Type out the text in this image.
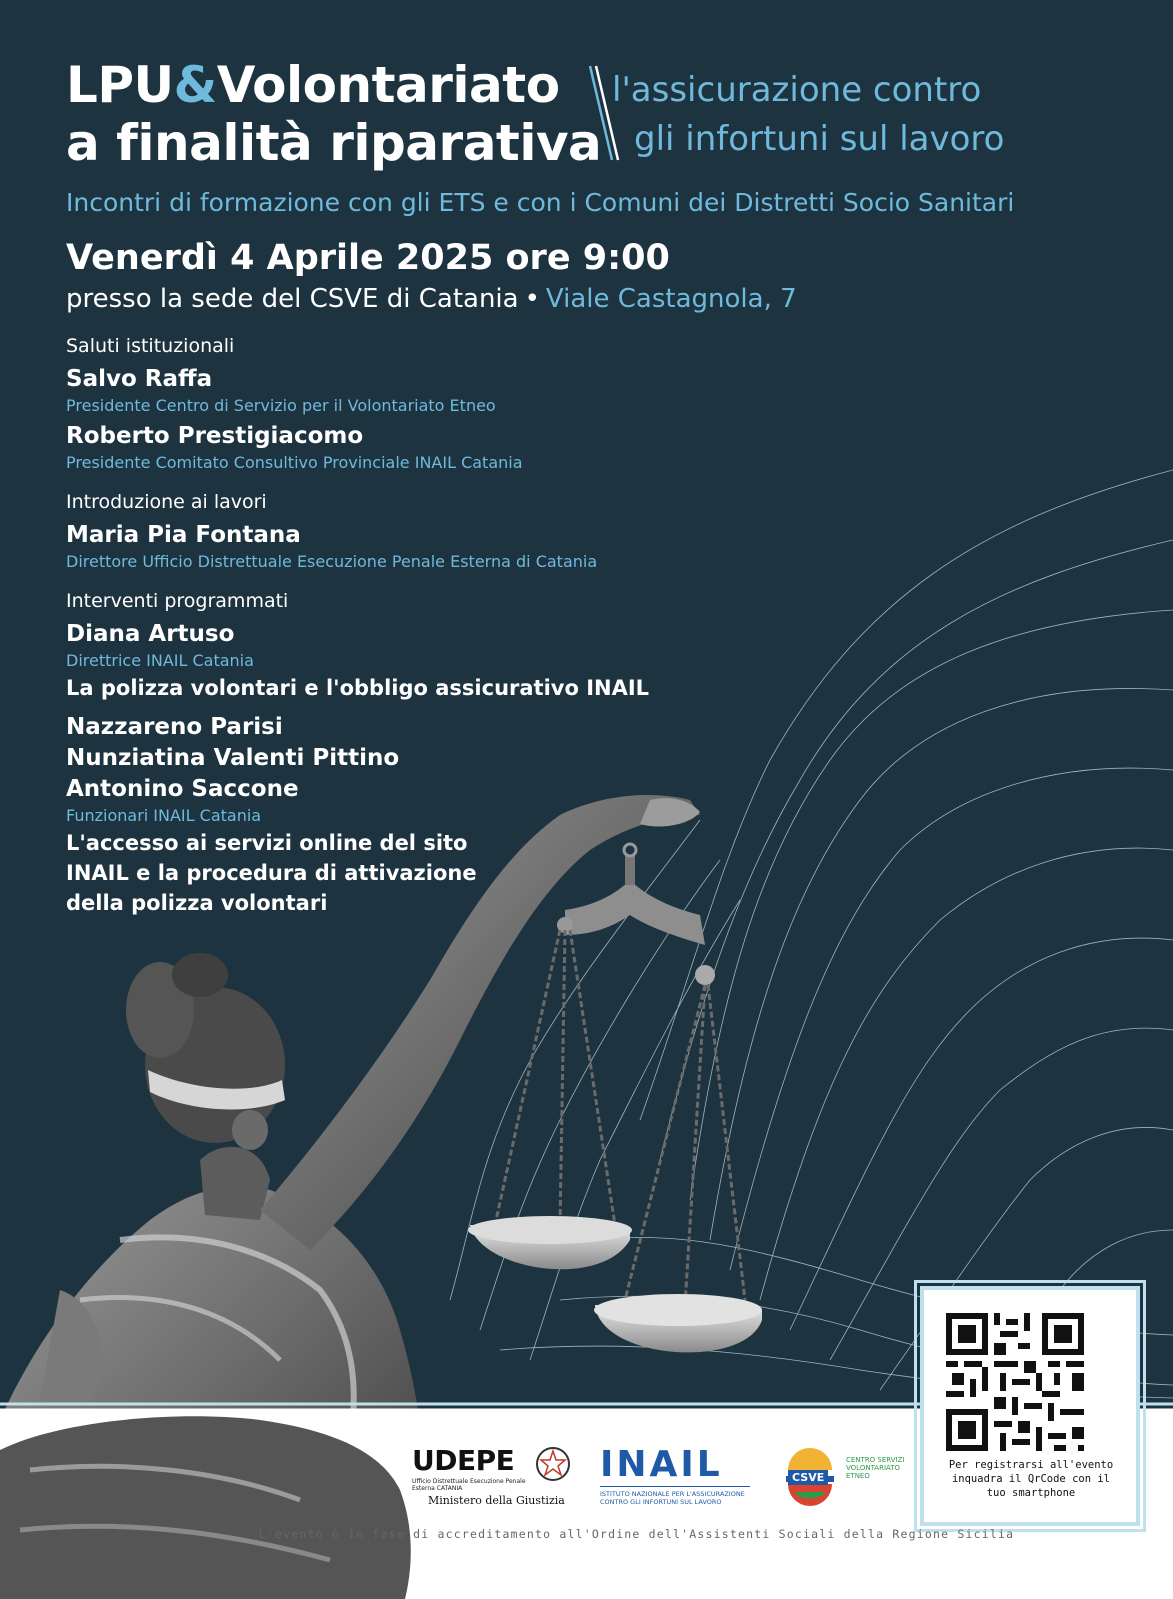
LPU&Volontariato
a finalità riparativa
l'assicurazione contro
gli infortuni sul lavoro
Incontri di formazione con gli ETS e con i Comuni dei Distretti Socio Sanitari
Venerdì 4 Aprile 2025 ore 9:00
presso la sede del CSVE di Catania • Viale Castagnola, 7
Saluti istituzionali
Salvo Raffa
Presidente Centro di Servizio per il Volontariato Etneo
Roberto Prestigiacomo
Presidente Comitato Consultivo Provinciale INAIL Catania
Introduzione ai lavori
Maria Pia Fontana
Direttore Ufficio Distrettuale Esecuzione Penale Esterna di Catania
Interventi programmati
Diana Artuso
Direttrice INAIL Catania
La polizza volontari e l'obbligo assicurativo INAIL
Nazzareno Parisi
Nunziatina Valenti Pittino
Antonino Saccone
Funzionari INAIL Catania
L'accesso ai servizi online del sito
INAIL e la procedura di attivazione
della polizza volontari
Per registrarsi all'evento
inquadra il QrCode con il
tuo smartphone
UDEPE
Ufficio Distrettuale Esecuzione Penale Esterna CATANIA
Ministero della Giustizia
INAIL
ISTITUTO NAZIONALE PER L'ASSICURAZIONE CONTRO GLI INFORTUNI SUL LAVORO
CSVE
CENTRO SERVIZI VOLONTARIATO ETNEO
L'evento è in fase di accreditamento all'Ordine dell'Assistenti Sociali della Regione Sicilia
